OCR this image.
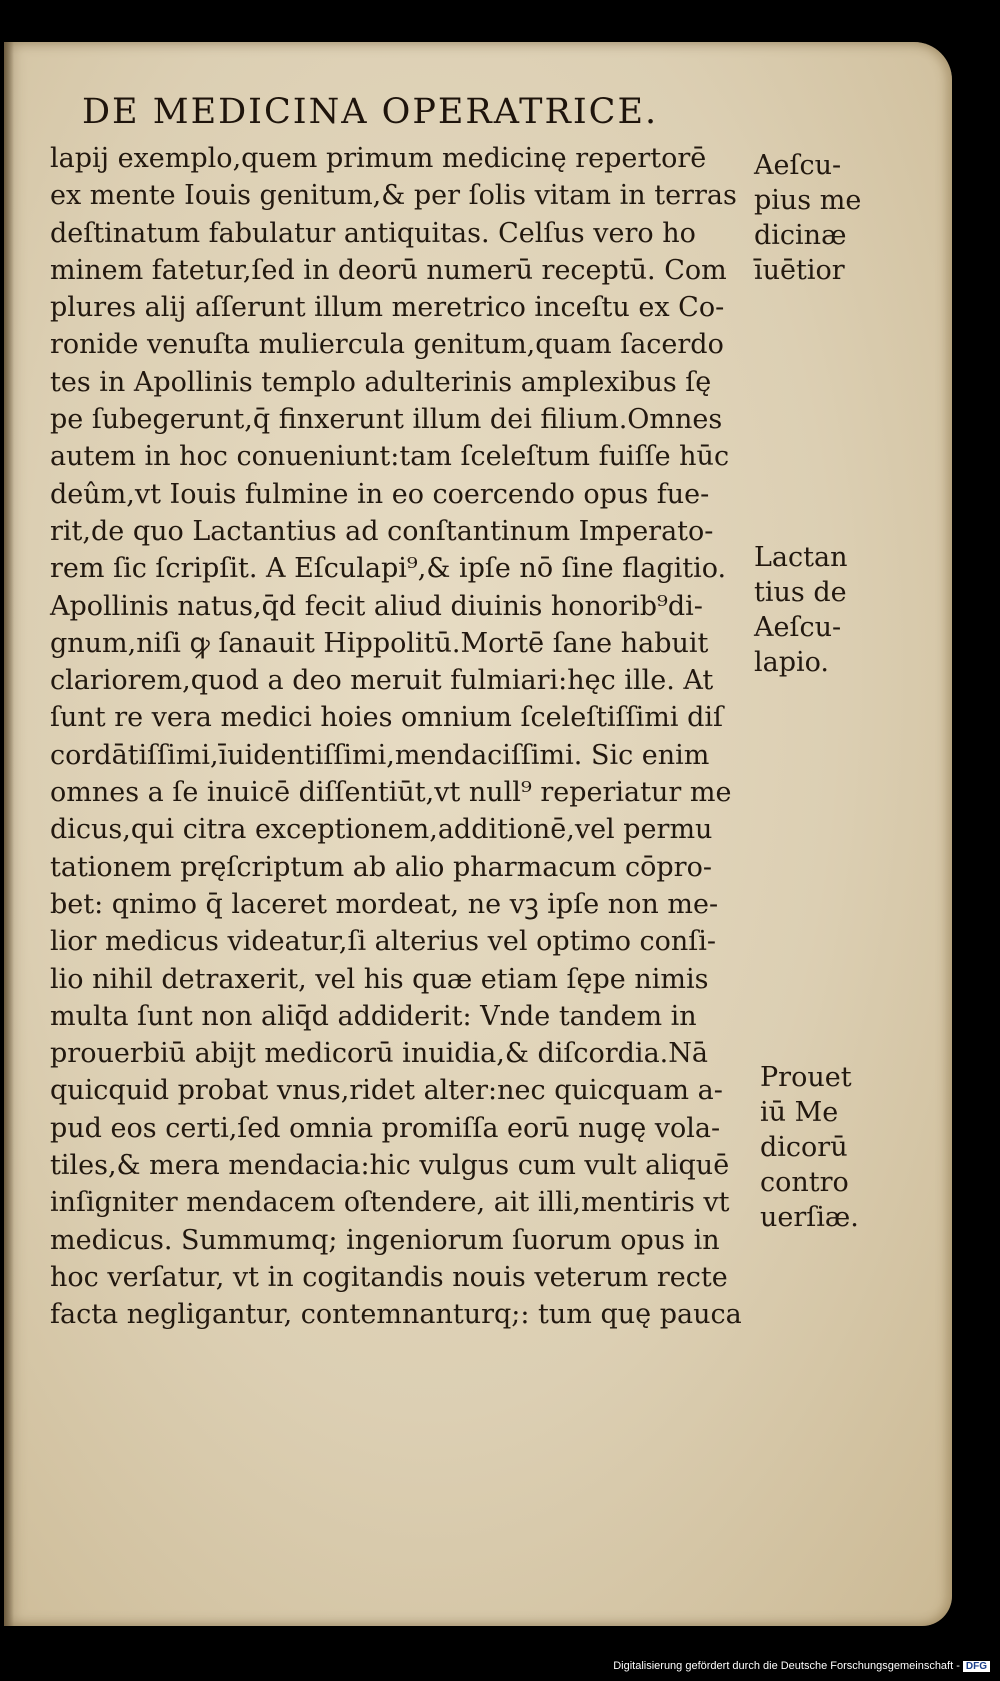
DE MEDICINA OPERATRICE.
lapij exemplo,quem primum medicinę repertorē
ex mente Iouis genitum,& per ſolis vitam in terras
deſtinatum fabulatur antiquitas. Celſus vero ho
minem fatetur,ſed in deorū numerū receptū. Com
plures alij aſſerunt illum meretrico inceſtu ex Co-
ronide venuſta muliercula genitum,quam ſacerdo
tes in Apollinis templo adulterinis amplexibus ſę
pe ſubegerunt,q̄ finxerunt illum dei filium.Omnes
autem in hoc conueniunt:tam ſceleſtum fuiſſe hūc
deûm,vt Iouis fulmine in eo coercendo opus fue-
rit,de quo Lactantius ad conſtantinum Imperato-
rem ſic ſcripſit. A Eſculapi⁹,& ipſe nō ſine flagitio.
Apollinis natus,q̄d fecit aliud diuinis honorib⁹di-
gnum,niſi ꝙ ſanauit Hippolitū.Mortē ſane habuit
clariorem,quod a deo meruit fulmiari:hęc ille. At
ſunt re vera medici hoies omnium ſceleſtiſſimi diſ
cordātiſſimi,īuidentiſſimi,mendaciſſimi. Sic enim
omnes a ſe inuicē diſſentiūt,vt null⁹ reperiatur me
dicus,qui citra exceptionem,additionē,vel permu
tationem pręſcriptum ab alio pharmacum cōpro-
bet: qnimo q̄ laceret mordeat, ne vꝫ ipſe non me-
lior medicus videatur,ſi alterius vel optimo conſi-
lio nihil detraxerit, vel his quæ etiam ſępe nimis
multa ſunt non aliq̄d addiderit: Vnde tandem in
prouerbiū abijt medicorū inuidia,& diſcordia.Nā
quicquid probat vnus,ridet alter:nec quicquam a-
pud eos certi,ſed omnia promiſſa eorū nugę vola-
tiles,& mera mendacia:hic vulgus cum vult aliquē
inſigniter mendacem oſtendere, ait illi,mentiris vt
medicus. Summumq; ingeniorum ſuorum opus in
hoc verſatur, vt in cogitandis nouis veterum recte
facta negligantur, contemnanturq;: tum quę pauca
Aeſcu-
pius me
dicinæ
īuētior
Lactan
tius de
Aeſcu-
lapio.
Prouet
iū Me
dicorū
contro
uerſiæ.
Digitalisierung gefördert durch die Deutsche Forschungsgemeinschaft - DFG
